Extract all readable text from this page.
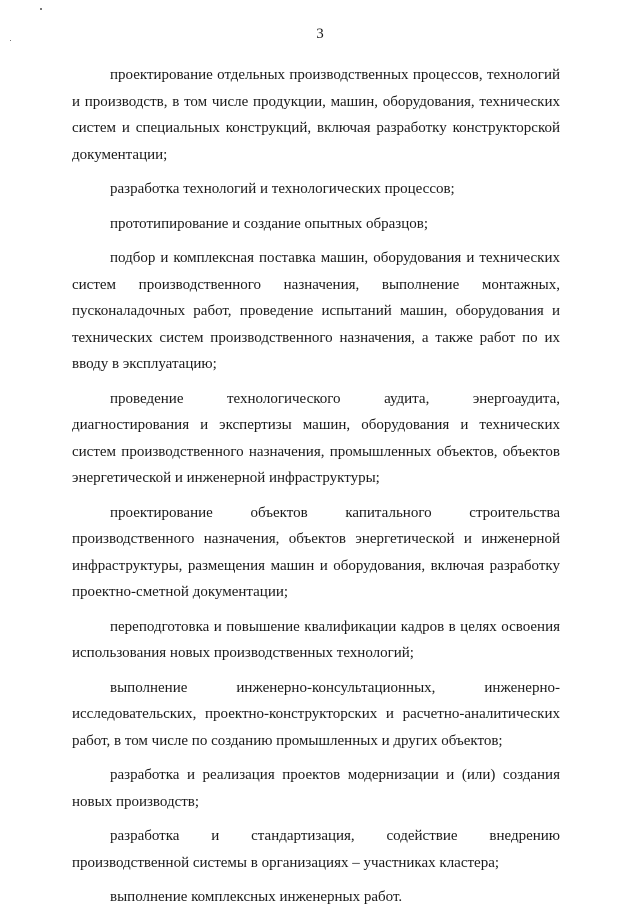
3

проектирование отдельных производственных процессов, технологий и производств, в том числе продукции, машин, оборудования, технических систем и специальных конструкций, включая разработку конструкторской документации;

разработка технологий и технологических процессов;

прототипирование и создание опытных образцов;

подбор и комплексная поставка машин, оборудования и технических систем производственного назначения, выполнение монтажных, пусконаладочных работ, проведение испытаний машин, оборудования и технических систем производственного назначения, а также работ по их вводу в эксплуатацию;

проведение технологического аудита, энергоаудита, диагностирования и экспертизы машин, оборудования и технических систем производственного назначения, промышленных объектов, объектов энергетической и инженерной инфраструктуры;

проектирование объектов капитального строительства производственного назначения, объектов энергетической и инженерной инфраструктуры, размещения машин и оборудования, включая разработку проектно-сметной документации;

переподготовка и повышение квалификации кадров в целях освоения использования новых производственных технологий;

выполнение инженерно-консультационных, инженерно-исследовательских, проектно-конструкторских и расчетно-аналитических работ, в том числе по созданию промышленных и других объектов;

разработка и реализация проектов модернизации и (или) создания новых производств;

разработка и стандартизация, содействие внедрению производственной системы в организациях – участниках кластера;

выполнение комплексных инженерных работ.
